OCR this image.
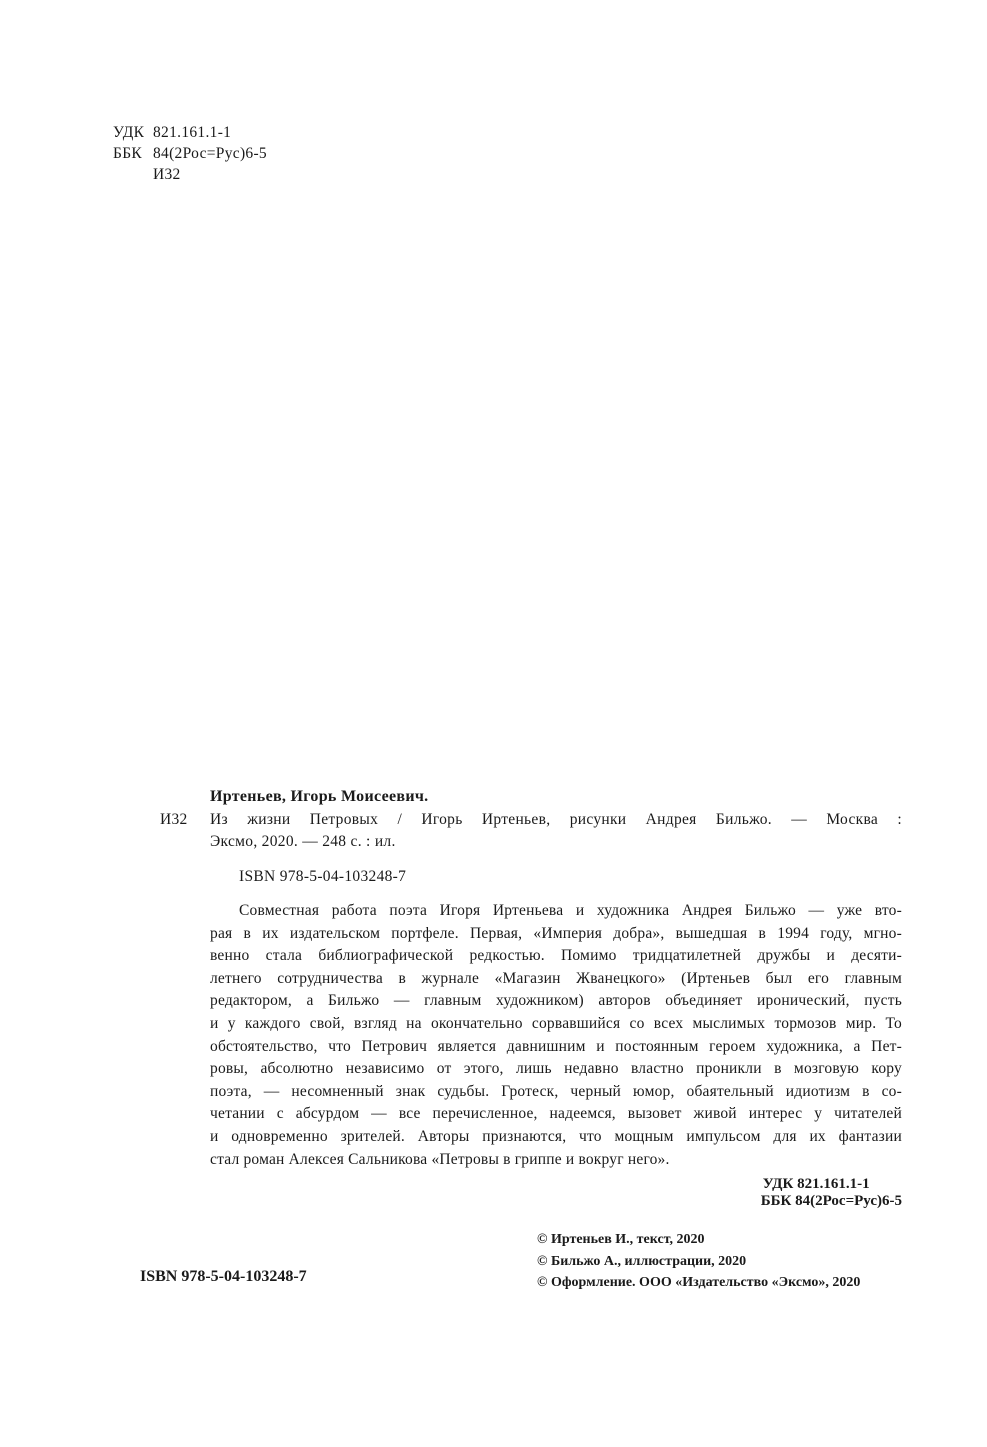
УДК 821.161.1-1
ББК 84(2Рос=Рус)6-5
И32
Иртеньев, Игорь Моисеевич.
И32 Из жизни Петровых / Игорь Иртеньев, рисунки Андрея Бильжо. — Москва :
Эксмо, 2020. — 248 с. : ил.
ISBN 978-5-04-103248-7
Совместная работа поэта Игоря Иртеньева и художника Андрея Бильжо — уже вто-
рая в их издательском портфеле. Первая, «Империя добра», вышедшая в 1994 году, мгно-
венно стала библиографической редкостью. Помимо тридцатилетней дружбы и десяти-
летнего сотрудничества в журнале «Магазин Жванецкого» (Иртеньев был его главным
редактором, а Бильжо — главным художником) авторов объединяет иронический, пусть
и у каждого свой, взгляд на окончательно сорвавшийся со всех мыслимых тормозов мир. То
обстоятельство, что Петрович является давнишним и постоянным героем художника, а Пет-
ровы, абсолютно независимо от этого, лишь недавно властно проникли в мозговую кору
поэта, — несомненный знак судьбы. Гротеск, черный юмор, обаятельный идиотизм в со-
четании с абсурдом — все перечисленное, надеемся, вызовет живой интерес у читателей
и одновременно зрителей. Авторы признаются, что мощным импульсом для их фантазии
стал роман Алексея Сальникова «Петровы в гриппе и вокруг него».
УДК 821.161.1-1
ББК 84(2Рос=Рус)6-5
ISBN 978-5-04-103248-7
© Иртеньев И., текст, 2020
© Бильжо А., иллюстрации, 2020
© Оформление. ООО «Издательство «Эксмо», 2020
